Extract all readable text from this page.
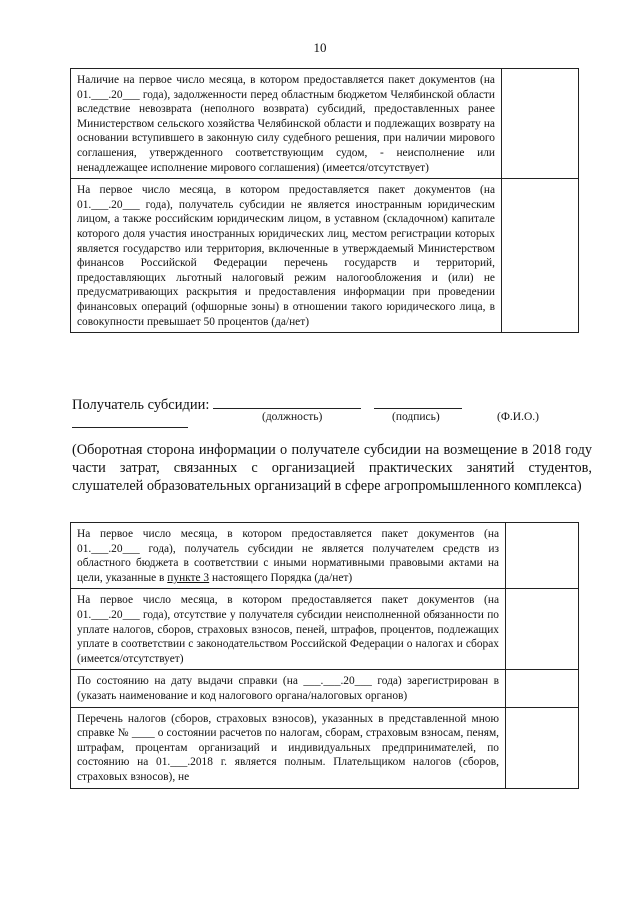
10
Наличие на первое число месяца, в котором предоставляется пакет документов (на 01.___.20___ года), задолженности перед областным бюджетом Челябинской области вследствие невозврата (неполного возврата) субсидий, предоставленных ранее Министерством сельского хозяйства Челябинской области и подлежащих возврату на основании вступившего в законную силу судебного решения, при наличии мирового соглашения, утвержденного соответствующим судом, - неисполнение или ненадлежащее исполнение мирового соглашения) (имеется/отсутствует)	
На первое число месяца, в котором предоставляется пакет документов (на 01.___.20___ года), получатель субсидии не является иностранным юридическим лицом, а также российским юридическим лицом, в уставном (складочном) капитале которого доля участия иностранных юридических лиц, местом регистрации которых является государство или территория, включенные в утверждаемый Министерством финансов Российской Федерации перечень государств и территорий, предоставляющих льготный налоговый режим налогообложения и (или) не предусматривающих раскрытия и предоставления информации при проведении финансовых операций (офшорные зоны) в отношении такого юридического лица, в совокупности превышает 50 процентов (да/нет)	
Получатель субсидии:
(должность)	(подпись)	(Ф.И.О.)
(Оборотная сторона информации о получателе субсидии на возмещение в 2018 году части затрат, связанных с организацией практических занятий студентов, слушателей образовательных организаций в сфере агропромышленного комплекса)
На первое число месяца, в котором предоставляется пакет документов (на 01.___.20___ года), получатель субсидии не является получателем средств из областного бюджета в соответствии с иными нормативными правовыми актами на цели, указанные в пункте 3 настоящего Порядка (да/нет)	
На первое число месяца, в котором предоставляется пакет документов (на 01.___.20___ года), отсутствие у получателя субсидии неисполненной обязанности по уплате налогов, сборов, страховых взносов, пеней, штрафов, процентов, подлежащих уплате в соответствии с законодательством Российской Федерации о налогах и сборах (имеется/отсутствует)	
По состоянию на дату выдачи справки (на ___.___.20___ года) зарегистрирован в (указать наименование и код налогового органа/налоговых органов)	
Перечень налогов (сборов, страховых взносов), указанных в представленной мною справке № ____ о состоянии расчетов по налогам, сборам, страховым взносам, пеням, штрафам, процентам организаций и индивидуальных предпринимателей, по состоянию на 01.___.2018 г. является полным. Плательщиком налогов (сборов, страховых взносов), не	
